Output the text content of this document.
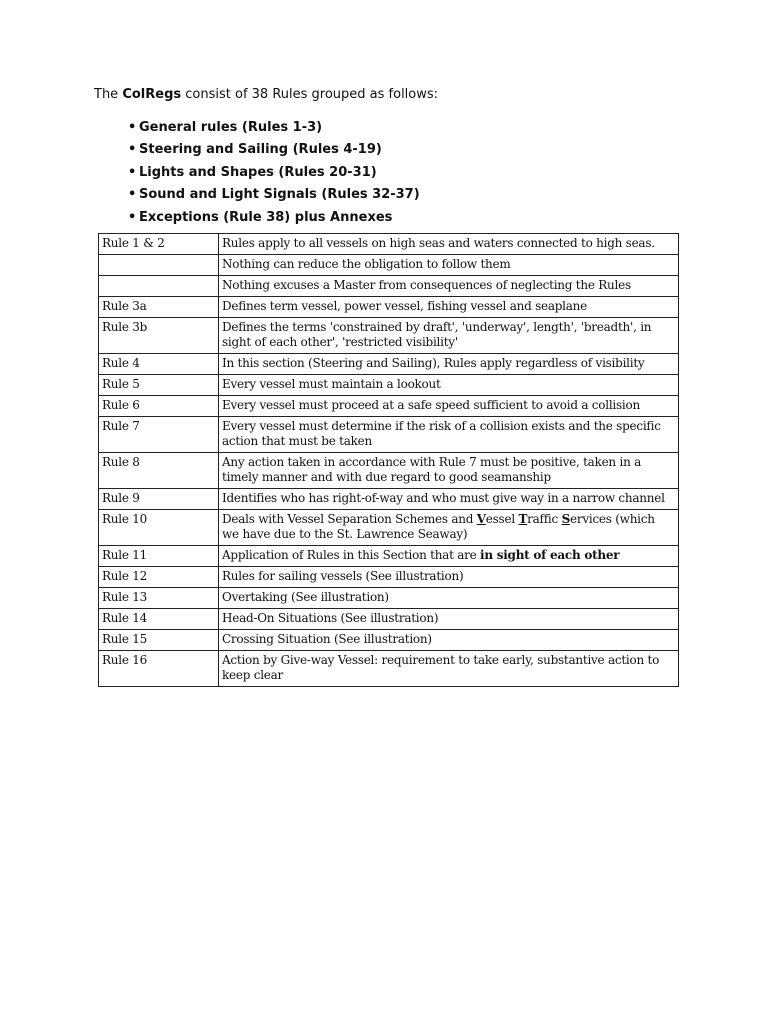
The ColRegs consist of 38 Rules grouped as follows:
• General rules (Rules 1-3)
• Steering and Sailing (Rules 4-19)
• Lights and Shapes (Rules 20-31)
• Sound and Light Signals (Rules 32-37)
• Exceptions (Rule 38) plus Annexes
Rule 1 & 2	Rules apply to all vessels on high seas and waters connected to high seas.
	Nothing can reduce the obligation to follow them
	Nothing excuses a Master from consequences of neglecting the Rules
Rule 3a	Defines term vessel, power vessel, fishing vessel and seaplane
Rule 3b	Defines the terms 'constrained by draft', 'underway', length', 'breadth', in sight of each other', 'restricted visibility'
Rule 4	In this section (Steering and Sailing), Rules apply regardless of visibility
Rule 5	Every vessel must maintain a lookout
Rule 6	Every vessel must proceed at a safe speed sufficient to avoid a collision
Rule 7	Every vessel must determine if the risk of a collision exists and the specific action that must be taken
Rule 8	Any action taken in accordance with Rule 7 must be positive, taken in a timely manner and with due regard to good seamanship
Rule 9	Identifies who has right-of-way and who must give way in a narrow channel
Rule 10	Deals with Vessel Separation Schemes and Vessel Traffic Services (which we have due to the St. Lawrence Seaway)
Rule 11	Application of Rules in this Section that are in sight of each other
Rule 12	Rules for sailing vessels (See illustration)
Rule 13	Overtaking (See illustration)
Rule 14	Head-On Situations (See illustration)
Rule 15	Crossing Situation (See illustration)
Rule 16	Action by Give-way Vessel: requirement to take early, substantive action to keep clear
